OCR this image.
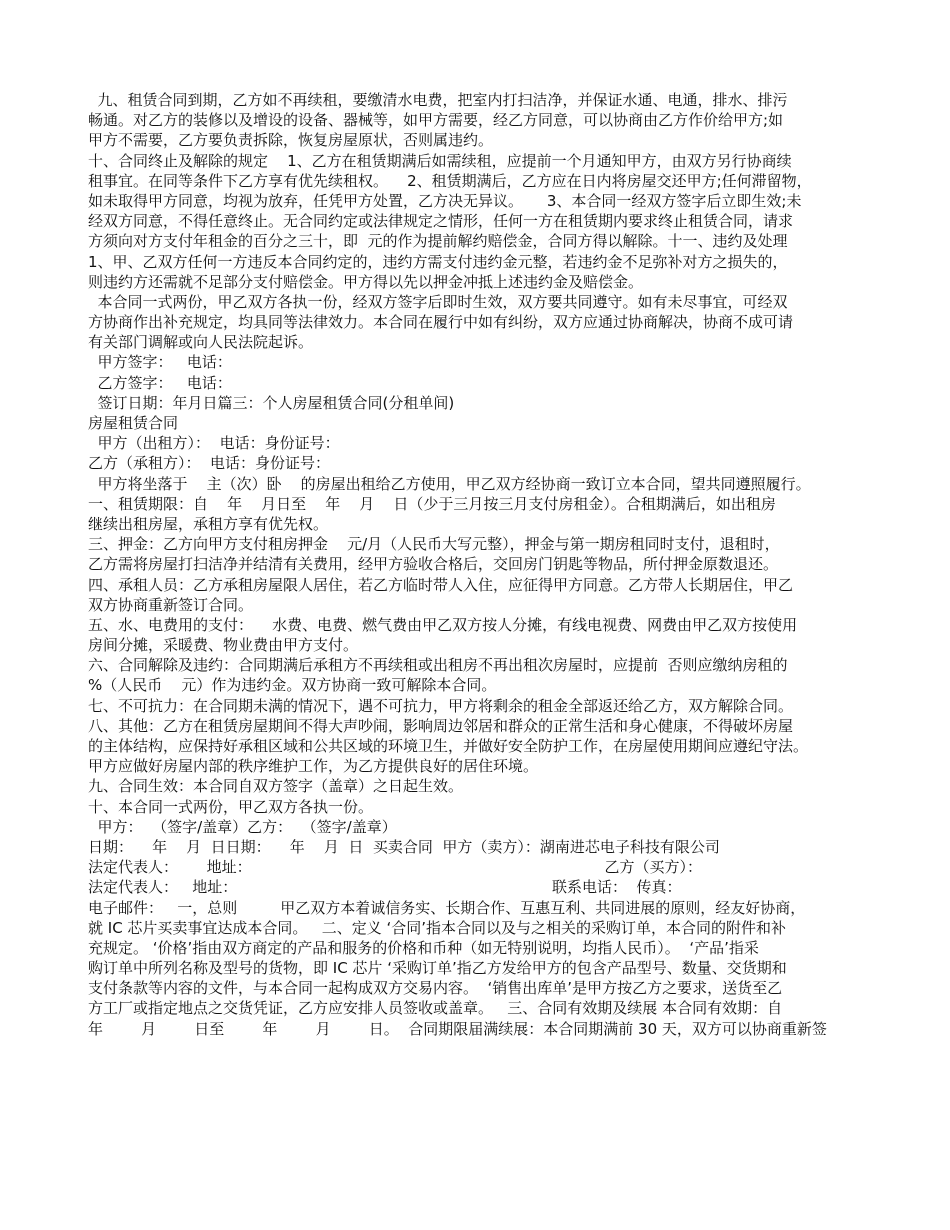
九、租赁合同到期，乙方如不再续租，要缴清水电费，把室内打扫洁净，并保证水通、电通，排水、排污
畅通。对乙方的装修以及增设的设备、器械等，如甲方需要，经乙方同意，可以协商由乙方作价给甲方;如
甲方不需要，乙方要负责拆除，恢复房屋原状，否则属违约。
十、合同终止及解除的规定    1、乙方在租赁期满后如需续租，应提前一个月通知甲方，由双方另行协商续
租事宜。在同等条件下乙方享有优先续租权。    2、租赁期满后，乙方应在日内将房屋交还甲方;任何滞留物，
如未取得甲方同意，均视为放弃，任凭甲方处置，乙方决无异议。     3、本合同一经双方签字后立即生效;未
经双方同意，不得任意终止。无合同约定或法律规定之情形，任何一方在租赁期内要求终止租赁合同，请求
方须向对方支付年租金的百分之三十，即  元的作为提前解约赔偿金，合同方得以解除。十一、违约及处理
1、甲、乙双方任何一方违反本合同约定的，违约方需支付违约金元整，若违约金不足弥补对方之损失的，
则违约方还需就不足部分支付赔偿金。甲方得以先以押金冲抵上述违约金及赔偿金。
本合同一式两份，甲乙双方各执一份，经双方签字后即时生效，双方要共同遵守。如有未尽事宜，可经双
方协商作出补充规定，均具同等法律效力。本合同在履行中如有纠纷，双方应通过协商解决，协商不成可请
有关部门调解或向人民法院起诉。
甲方签字：   电话：
乙方签字：   电话：
签订日期：年月日篇三：个人房屋租赁合同(分租单间)
房屋租赁合同
甲方（出租方）：  电话：身份证号：
乙方（承租方）：  电话：身份证号：
甲方将坐落于    主（次）卧    的房屋出租给乙方使用，甲乙双方经协商一致订立本合同，望共同遵照履行。
一、租赁期限：自    年    月日至    年    月    日（少于三月按三月支付房租金）。合租期满后，如出租房
继续出租房屋，承租方享有优先权。
三、押金：乙方向甲方支付租房押金    元/月（人民币大写元整），押金与第一期房租同时支付，退租时，
乙方需将房屋打扫洁净并结清有关费用，经甲方验收合格后，交回房门钥匙等物品，所付押金原数退还。
四、承租人员：乙方承租房屋限人居住，若乙方临时带人入住，应征得甲方同意。乙方带人长期居住，甲乙
双方协商重新签订合同。
五、水、电费用的支付：    水费、电费、燃气费由甲乙双方按人分摊，有线电视费、网费由甲乙双方按使用
房间分摊，采暖费、物业费由甲方支付。
六、合同解除及违约：合同期满后承租方不再续租或出租房不再出租次房屋时，应提前  否则应缴纳房租的
%（人民币    元）作为违约金。双方协商一致可解除本合同。
七、不可抗力：在合同期未满的情况下，遇不可抗力，甲方将剩余的租金全部返还给乙方，双方解除合同。
八、其他：乙方在租赁房屋期间不得大声吵闹，影响周边邻居和群众的正常生活和身心健康，不得破坏房屋
的主体结构，应保持好承租区域和公共区域的环境卫生，并做好安全防护工作，在房屋使用期间应遵纪守法。
甲方应做好房屋内部的秩序维护工作，为乙方提供良好的居住环境。
九、合同生效：本合同自双方签字（盖章）之日起生效。
十、本合同一式两份，甲乙双方各执一份。
甲方：  （签字/盖章）乙方：  （签字/盖章）
日期：    年    月  日日期：    年    月  日  买卖合同  甲方（卖方）：湖南进芯电子科技有限公司
法定代表人：      地址：                                                                          乙方（买方）：
法定代表人：   地址：                                                                  联系电话：  传真：
电子邮件：   一，总则         甲乙双方本着诚信务实、长期合作、互惠互利、共同进展的原则，经友好协商，
就 IC 芯片买卖事宜达成本合同。   二、定义 ‘合同’指本合同以及与之相关的采购订单，本合同的附件和补
充规定。 ‘价格’指由双方商定的产品和服务的价格和币种（如无特别说明，均指人民币）。  ‘产品’指采
购订单中所列名称及型号的货物，即 IC 芯片 ‘采购订单’指乙方发给甲方的包含产品型号、数量、交货期和
支付条款等内容的文件，与本合同一起构成双方交易内容。  ‘销售出库单’是甲方按乙方之要求，送货至乙
方工厂或指定地点之交货凭证，乙方应安排人员签收或盖章。   三、合同有效期及续展 本合同有效期：自
年        月        日至        年        月        日。  合同期限届满续展：本合同期满前 30 天，双方可以协商重新签
